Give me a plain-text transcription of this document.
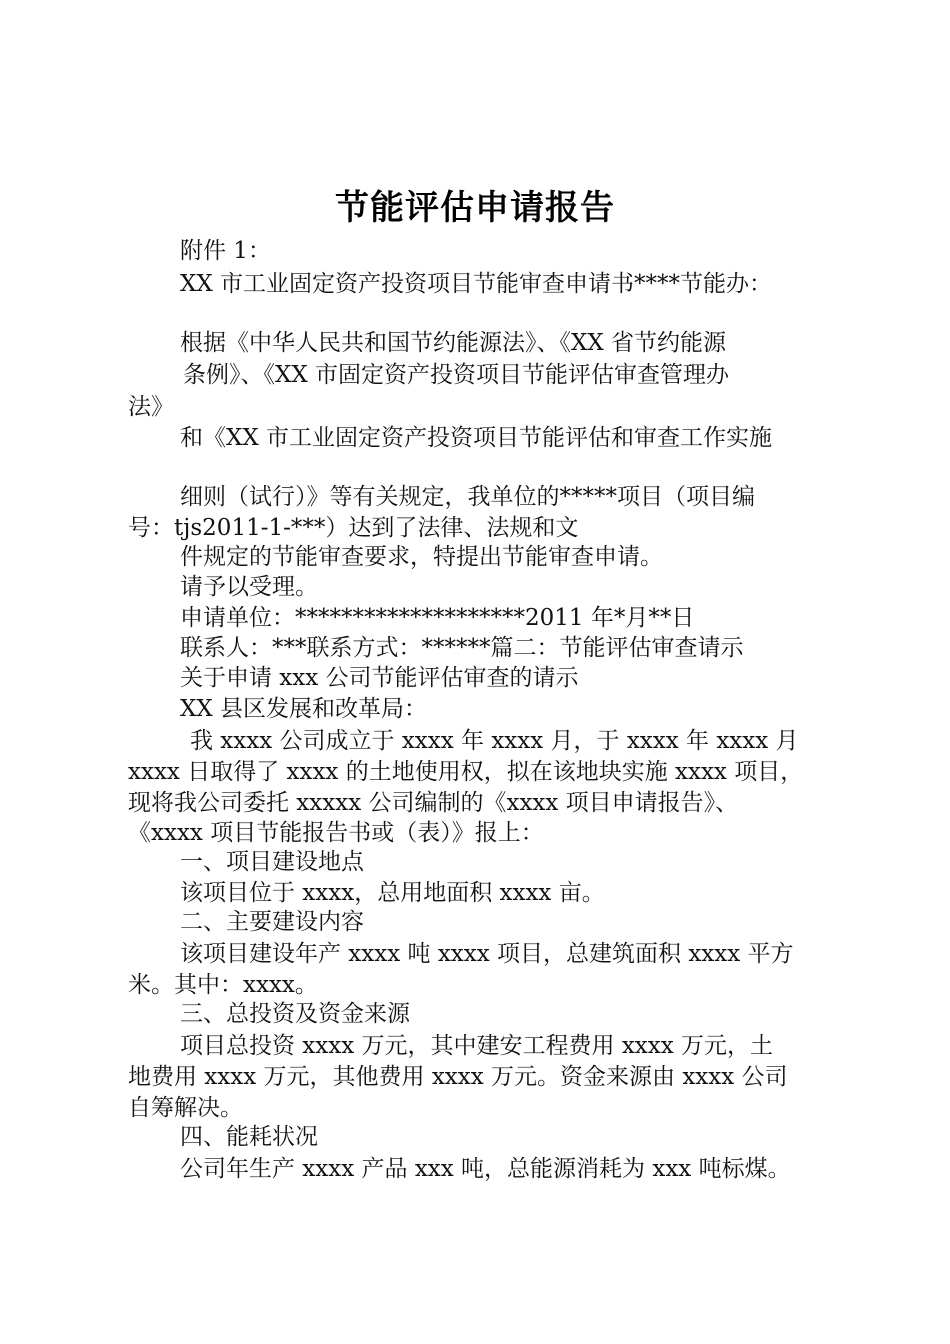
节能评估申请报告
附件 1：
XX 市工业固定资产投资项目节能审查申请书****节能办：
根据《中华人民共和国节约能源法》、《XX 省节约能源
条例》、《XX 市固定资产投资项目节能评估审查管理办
法》
和《XX 市工业固定资产投资项目节能评估和审查工作实施
细则（试行）》等有关规定，我单位的*****项目（项目编
号：tjs2011-1-***）达到了法律、法规和文
件规定的节能审查要求，特提出节能审查申请。
请予以受理。
申请单位：********************2011 年*月**日
联系人：***联系方式：******篇二：节能评估审查请示
关于申请 xxx 公司节能评估审查的请示
XX 县区发展和改革局：
我 xxxx 公司成立于 xxxx 年 xxxx 月，于 xxxx 年 xxxx 月
xxxx 日取得了 xxxx 的土地使用权，拟在该地块实施 xxxx 项目，
现将我公司委托 xxxxx 公司编制的《xxxx 项目申请报告》、
《xxxx 项目节能报告书或（表）》报上：
一、项目建设地点
该项目位于 xxxx，总用地面积 xxxx 亩。
二、主要建设内容
该项目建设年产 xxxx 吨 xxxx 项目，总建筑面积 xxxx 平方
米。其中：xxxx。
三、总投资及资金来源
项目总投资 xxxx 万元，其中建安工程费用 xxxx 万元，土
地费用 xxxx 万元，其他费用 xxxx 万元。资金来源由 xxxx 公司
自筹解决。
四、能耗状况
公司年生产 xxxx 产品 xxx 吨，总能源消耗为 xxx 吨标煤。
